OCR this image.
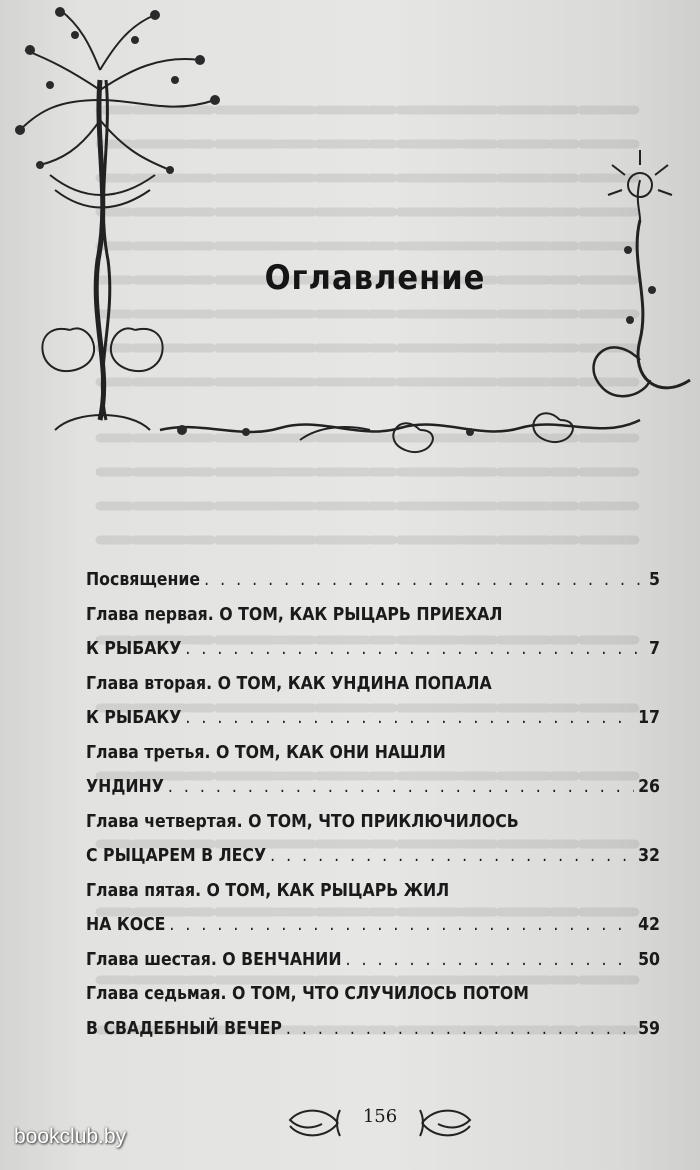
Оглавление
Посвящение . . .	5
Глава первая. О ТОМ, КАК РЫЦАРЬ ПРИЕХАЛ
К РЫБАКУ . . .	7
Глава вторая. О ТОМ, КАК УНДИНА ПОПАЛА
К РЫБАКУ . . .	17
Глава третья. О ТОМ, КАК ОНИ НАШЛИ
УНДИНУ . . .	26
Глава четвертая. О ТОМ, ЧТО ПРИКЛЮЧИЛОСЬ
С РЫЦАРЕМ В ЛЕСУ . . .	32
Глава пятая. О ТОМ, КАК РЫЦАРЬ ЖИЛ
НА КОСЕ . . .	42
Глава шестая. О ВЕНЧАНИИ . . .	50
Глава седьмая. О ТОМ, ЧТО СЛУЧИЛОСЬ ПОТОМ
В СВАДЕБНЫЙ ВЕЧЕР . . .	59
156
bookclub.by
